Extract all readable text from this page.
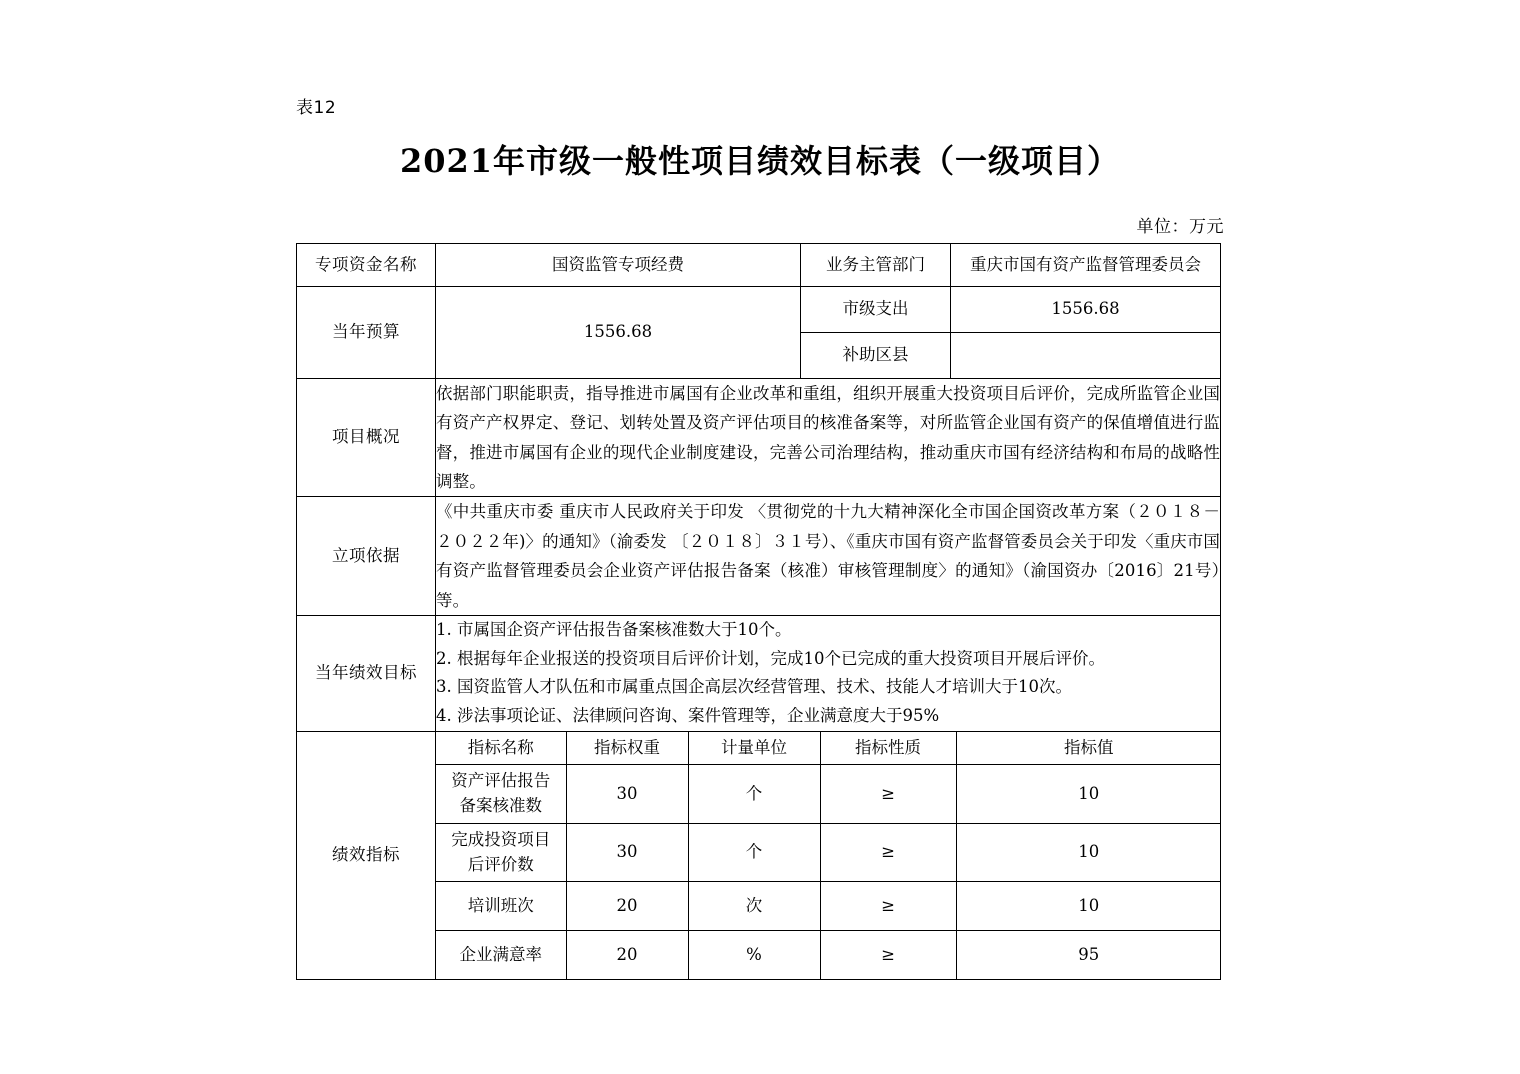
表12
2021年市级一般性项目绩效目标表（一级项目）
单位：万元
专项资金名称	国资监管专项经费	业务主管部门	重庆市国有资产监督管理委员会
当年预算	1556.68	市级支出	1556.68
补助区县	
项目概况	

依据部门职能职责，指导推进市属国有企业改革和重组，组织开展重大投资项目后评价，完成所监管企业国有资产产权界定、登记、划转处置及资产评估项目的核准备案等，对所监管企业国有资产的保值增值进行监督，推进市属国有企业的现代企业制度建设，完善公司治理结构，推动重庆市国有经济结构和布局的战略性调整。

立项依据	

《中共重庆市委 重庆市人民政府关于印发 〈贯彻党的十九大精神深化全市国企国资改革方案（２０１８－２０２２年)〉的通知》（渝委发 〔２０１８〕３１号）、《重庆市国有资产监督管委员会关于印发〈重庆市国有资产监督管理委员会企业资产评估报告备案（核准）审核管理制度〉的通知》（渝国资办〔2016〕21号）等。

当年绩效目标	

1. 市属国企资产评估报告备案核准数大于10个。

2. 根据每年企业报送的投资项目后评价计划，完成10个已完成的重大投资项目开展后评价。

3. 国资监管人才队伍和市属重点国企高层次经营管理、技术、技能人才培训大于10次。

4. 涉法事项论证、法律顾问咨询、案件管理等，企业满意度大于95%

绩效指标	
指标名称	指标权重	计量单位	指标性质	指标值

资产评估报告
备案核准数
	30	个	≥	10

完成投资项目
后评价数
	30	个	≥	10
培训班次	20	次	≥	10
企业满意率	20	%	≥	95
